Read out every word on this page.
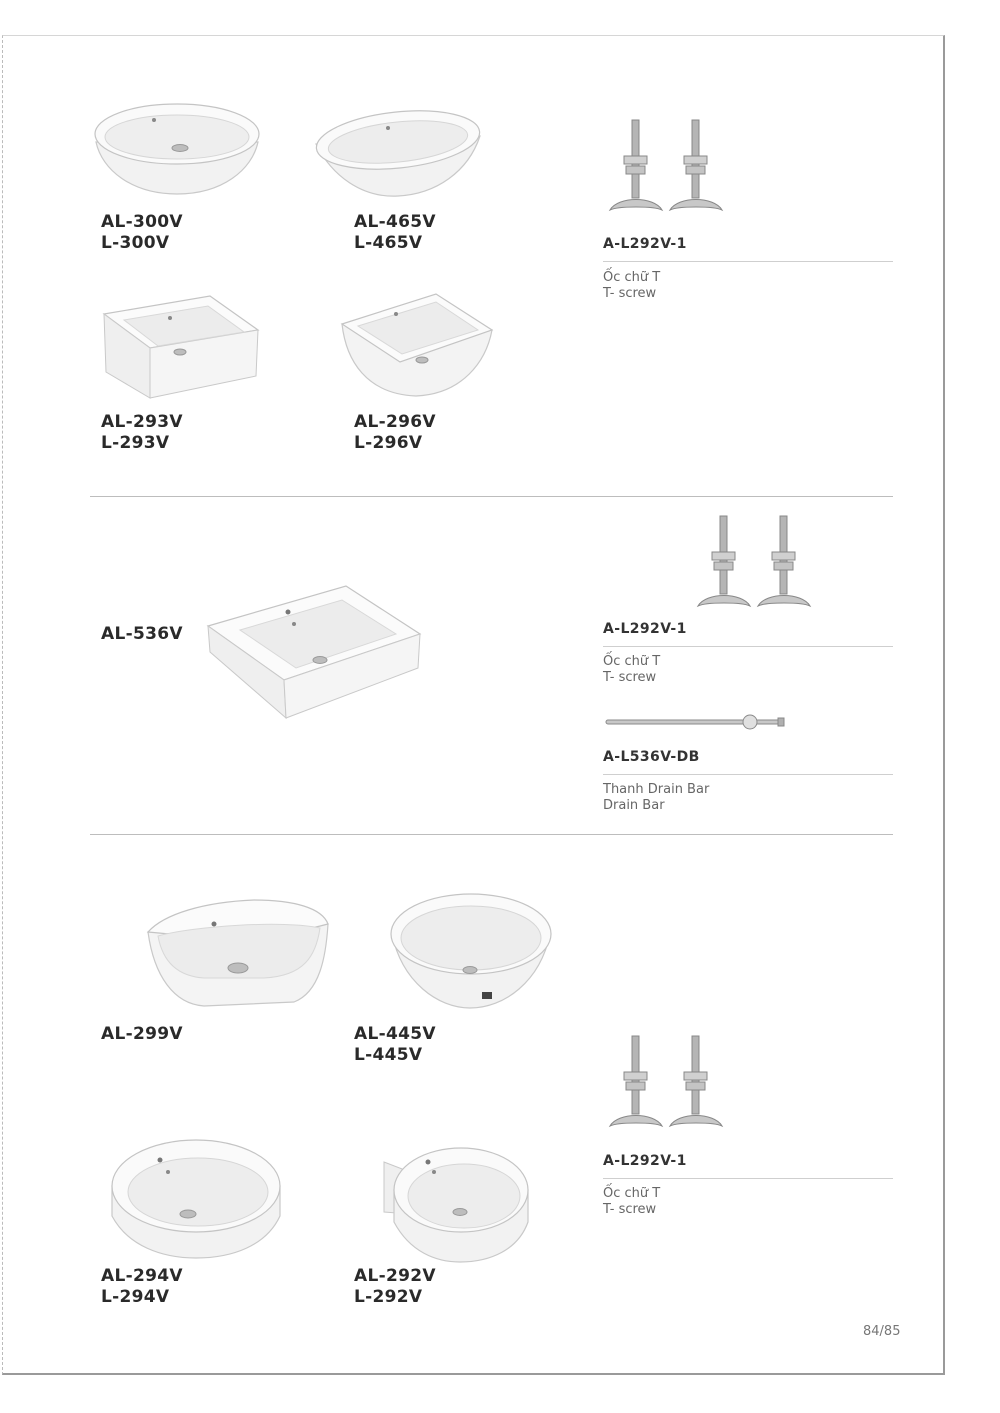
AL-300V
L-300V
AL-465V
L-465V
AL-293V
L-293V
AL-296V
L-296V
A-L292V-1
Ốc chữ T
T- screw
AL-536V	A-L292V-1
Ốc chữ T
T- screw
A-L536V-DB
Thanh Drain Bar
Drain Bar
AL-299V	AL-445V
L-445V
AL-294V
L-294V
AL-292V
L-292V
A-L292V-1
Ốc chữ T
T- screw
84/85
